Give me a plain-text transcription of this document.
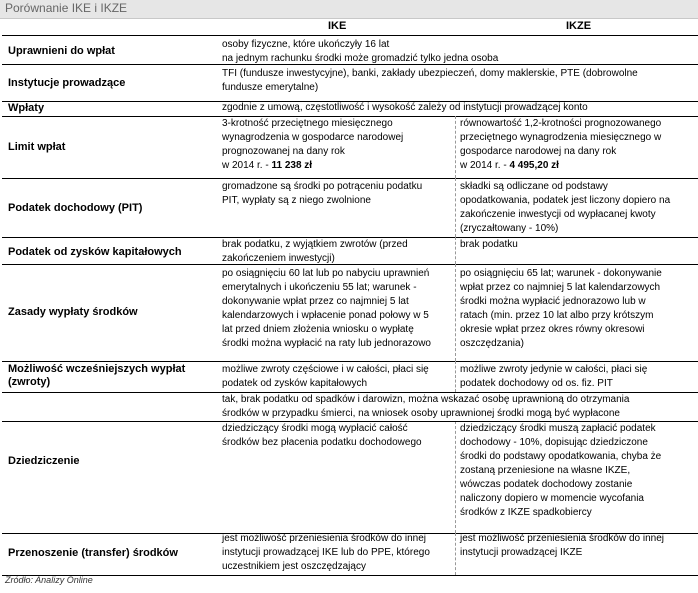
Porównanie IKE i IKZE
IKE	IKZE
Uprawnieni do wpłat
osoby fizyczne, które ukończyły 16 lat
na jednym rachunku środki może gromadzić tylko jedna osoba
Instytucje prowadzące
TFI (fundusze inwestycyjne), banki, zakłady ubezpieczeń, domy maklerskie, PTE (dobrowolne
fundusze emerytalne)
Wpłaty	zgodnie z umową, częstotliwość i wysokość zależy od instytucji prowadzącej konto
Limit wpłat
3-krotność przeciętnego miesięcznego
wynagrodzenia w gospodarce narodowej
prognozowanej na dany rok
w 2014 r. - 11 238 zł
równowartość 1,2-krotności prognozowanego
przeciętnego wynagrodzenia miesięcznego w
gospodarce narodowej na dany rok
w 2014 r. - 4 495,20 zł
Podatek dochodowy (PIT)
gromadzone są środki po potrąceniu podatku
PIT, wypłaty są z niego zwolnione
składki są odliczane od podstawy
opodatkowania, podatek jest liczony dopiero na
zakończenie inwestycji od wypłacanej kwoty
(zryczałtowany - 10%)
Podatek od zysków kapitałowych
brak podatku, z wyjątkiem zwrotów (przed
zakończeniem inwestycji)
brak podatku
Zasady wypłaty środków
po osiągnięciu 60 lat lub po nabyciu uprawnień
emerytalnych i ukończeniu 55 lat; warunek -
dokonywanie wpłat przez co najmniej 5 lat
kalendarzowych i wpłacenie ponad połowy w 5
lat przed dniem złożenia wniosku o wypłatę
środki można wypłacić na raty lub jednorazowo
po osiągnięciu 65 lat; warunek - dokonywanie
wpłat przez co najmniej 5 lat kalendarzowych
środki można wypłacić jednorazowo lub w
ratach (min. przez 10 lat albo przy krótszym
okresie wpłat przez okres równy okresowi
oszczędzania)
Możliwość wcześniejszych wypłat (zwroty)
możliwe zwroty częściowe i w całości, płaci się
podatek od zysków kapitałowych
możliwe zwroty jedynie w całości, płaci się
podatek dochodowy od os. fiz. PIT
Dziedziczenie
tak, brak podatku od spadków i darowizn, można wskazać osobę uprawnioną do otrzymania
środków w przypadku śmierci, na wniosek osoby uprawnionej środki mogą być wypłacone
dziedziczący środki mogą wypłacić całość
środków bez płacenia podatku dochodowego
dziedziczący środki muszą zapłacić podatek
dochodowy - 10%, dopisując dziedziczone
środki do podstawy opodatkowania, chyba że
zostaną przeniesione na własne IKZE,
wówczas podatek dochodowy zostanie
naliczony dopiero w momencie wycofania
środków z IKZE spadkobiercy
Przenoszenie (transfer) środków
jest możliwość przeniesienia środków do innej
instytucji prowadzącej IKE lub do PPE, którego
uczestnikiem jest oszczędzający
jest możliwość przeniesienia środków do innej
instytucji prowadzącej IKZE
Źródło: Analizy Online
